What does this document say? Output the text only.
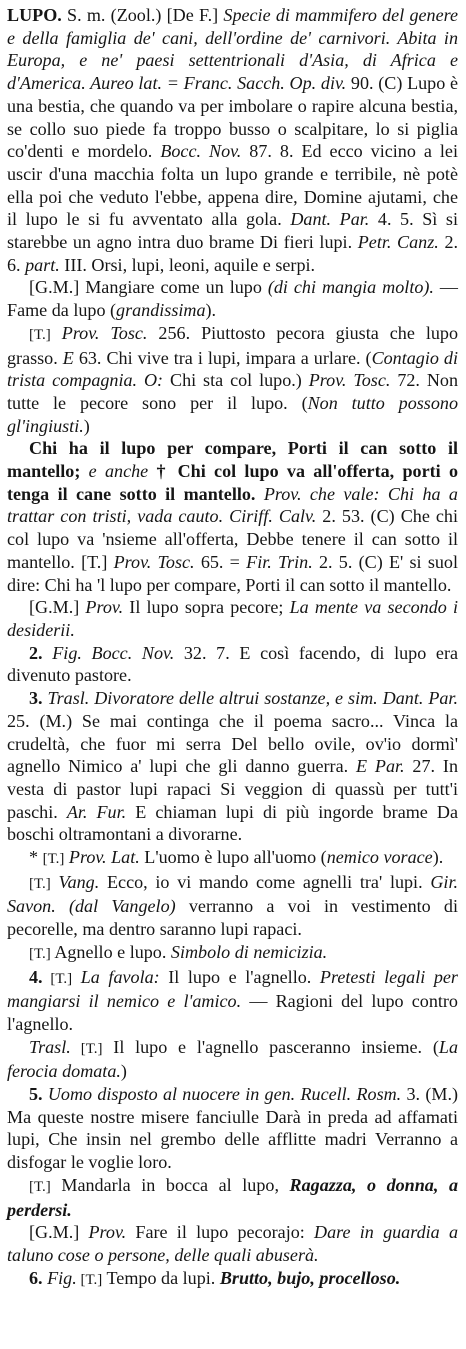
LUPO. S. m. (Zool.) [De F.] Specie di mammifero del genere e della famiglia de' cani, dell'ordine de' carnivori. Abita in Europa, e ne' paesi settentrionali d'Asia, di Africa e d'America. Aureo lat. = Franc. Sacch. Op. div. 90. (C) Lupo è una bestia, che quando va per imbolare o rapire alcuna bestia, se collo suo piede fa troppo busso o scalpitare, lo si piglia co'denti e mordelo. Bocc. Nov. 87. 8. Ed ecco vicino a lei uscir d'una macchia folta un lupo grande e terribile, nè potè ella poi che veduto l'ebbe, appena dire, Domine ajutami, che il lupo le si fu avventato alla gola. Dant. Par. 4. 5. Sì si starebbe un agno intra duo brame Di fieri lupi. Petr. Canz. 2. 6. part. III. Orsi, lupi, leoni, aquile e serpi.

[G.M.] Mangiare come un lupo (di chi mangia molto). — Fame da lupo (grandissima).

[T.] Prov. Tosc. 256. Piuttosto pecora giusta che lupo grasso. E 63. Chi vive tra i lupi, impara a urlare. (Contagio di trista compagnia. O: Chi sta col lupo.) Prov. Tosc. 72. Non tutte le pecore sono per il lupo. (Non tutto possono gl'ingiusti.)

Chi ha il lupo per compare, Porti il can sotto il mantello; e anche † Chi col lupo va all'offerta, porti o tenga il cane sotto il mantello. Prov. che vale: Chi ha a trattar con tristi, vada cauto. Ciriff. Calv. 2. 53. (C) Che chi col lupo va 'nsieme all'offerta, Debbe tenere il can sotto il mantello. [T.] Prov. Tosc. 65. = Fir. Trin. 2. 5. (C) E' si suol dire: Chi ha 'l lupo per compare, Porti il can sotto il mantello.

[G.M.] Prov. Il lupo sopra pecore; La mente va secondo i desiderii.

2. Fig. Bocc. Nov. 32. 7. E così facendo, di lupo era divenuto pastore.

3. Trasl. Divoratore delle altrui sostanze, e sim. Dant. Par. 25. (M.) Se mai continga che il poema sacro... Vinca la crudeltà, che fuor mi serra Del bello ovile, ov'io dormì' agnello Nimico a' lupi che gli danno guerra. E Par. 27. In vesta di pastor lupi rapaci Si veggion di quassù per tutt'i paschi. Ar. Fur. E chiaman lupi di più ingorde brame Da boschi oltramontani a divorarne.

* [T.] Prov. Lat. L'uomo è lupo all'uomo (nemico vorace).

[T.] Vang. Ecco, io vi mando come agnelli tra' lupi. Gir. Savon. (dal Vangelo) verranno a voi in vestimento di pecorelle, ma dentro saranno lupi rapaci.

[T.] Agnello e lupo. Simbolo di nemicizia.

4. [T.] La favola: Il lupo e l'agnello. Pretesti legali per mangiarsi il nemico e l'amico. — Ragioni del lupo contro l'agnello.

Trasl. [T.] Il lupo e l'agnello pasceranno insieme. (La ferocia domata.)

5. Uomo disposto al nuocere in gen. Rucell. Rosm. 3. (M.) Ma queste nostre misere fanciulle Darà in preda ad affamati lupi, Che insin nel grembo delle afflitte madri Verranno a disfogar le voglie loro.

[T.] Mandarla in bocca al lupo, Ragazza, o donna, a perdersi.

[G.M.] Prov. Fare il lupo pecorajo: Dare in guardia a taluno cose o persone, delle quali abuserà.

6. Fig. [T.] Tempo da lupi. Brutto, bujo, procelloso.
